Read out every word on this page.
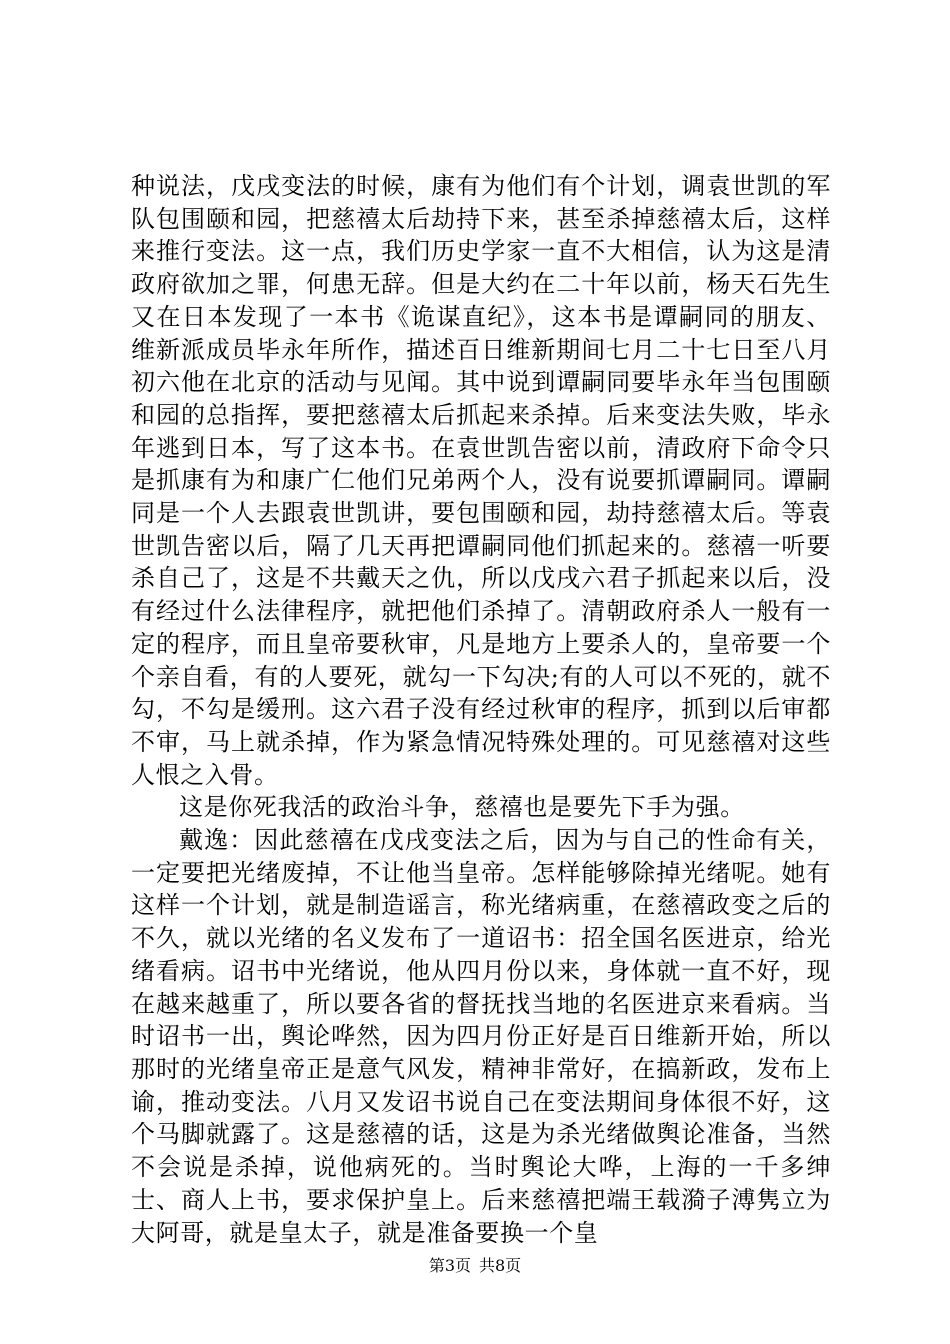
种说法，戊戌变法的时候，康有为他们有个计划，调袁世凯的军队包围颐和园，把慈禧太后劫持下来，甚至杀掉慈禧太后，这样来推行变法。这一点，我们历史学家一直不大相信，认为这是清政府欲加之罪，何患无辞。但是大约在二十年以前，杨天石先生又在日本发现了一本书《诡谋直纪》，这本书是谭嗣同的朋友、维新派成员毕永年所作，描述百日维新期间七月二十七日至八月初六他在北京的活动与见闻。其中说到谭嗣同要毕永年当包围颐和园的总指挥，要把慈禧太后抓起来杀掉。后来变法失败，毕永年逃到日本，写了这本书。在袁世凯告密以前，清政府下命令只是抓康有为和康广仁他们兄弟两个人，没有说要抓谭嗣同。谭嗣同是一个人去跟袁世凯讲，要包围颐和园，劫持慈禧太后。等袁世凯告密以后，隔了几天再把谭嗣同他们抓起来的。慈禧一听要杀自己了，这是不共戴天之仇，所以戊戌六君子抓起来以后，没有经过什么法律程序，就把他们杀掉了。清朝政府杀人一般有一定的程序，而且皇帝要秋审，凡是地方上要杀人的，皇帝要一个个亲自看，有的人要死，就勾一下勾决;有的人可以不死的，就不勾，不勾是缓刑。这六君子没有经过秋审的程序，抓到以后审都不审，马上就杀掉，作为紧急情况特殊处理的。可见慈禧对这些人恨之入骨。

这是你死我活的政治斗争，慈禧也是要先下手为强。

戴逸：因此慈禧在戊戌变法之后，因为与自己的性命有关，一定要把光绪废掉，不让他当皇帝。怎样能够除掉光绪呢。她有这样一个计划，就是制造谣言，称光绪病重，在慈禧政变之后的不久，就以光绪的名义发布了一道诏书：招全国名医进京，给光绪看病。诏书中光绪说，他从四月份以来，身体就一直不好，现在越来越重了，所以要各省的督抚找当地的名医进京来看病。当时诏书一出，舆论哗然，因为四月份正好是百日维新开始，所以那时的光绪皇帝正是意气风发，精神非常好，在搞新政，发布上谕，推动变法。八月又发诏书说自己在变法期间身体很不好，这个马脚就露了。这是慈禧的话，这是为杀光绪做舆论准备，当然不会说是杀掉，说他病死的。当时舆论大哗，上海的一千多绅士、商人上书，要求保护皇上。后来慈禧把端王载漪子溥隽立为大阿哥，就是皇太子，就是准备要换一个皇

第3页 共8页
